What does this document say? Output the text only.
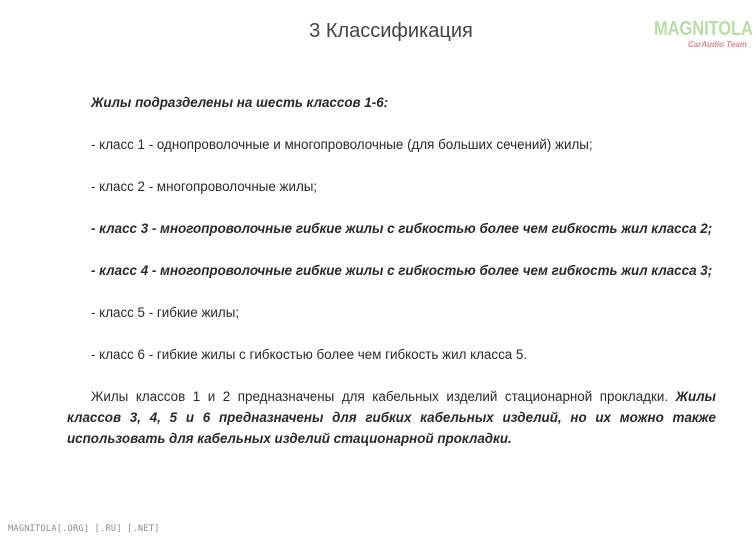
3 Классификация	MAGNITOLA
CarAudio Team

Жилы подразделены на шесть классов 1-6:

- класс 1 - однопроволочные и многопроволочные (для больших сечений) жилы;

- класс 2 - многопроволочные жилы;

- класс 3 - многопроволочные гибкие жилы с гибкостью более чем гибкость жил класса 2;

- класс 4 - многопроволочные гибкие жилы с гибкостью более чем гибкость жил класса 3;

- класс 5 - гибкие жилы;

- класс 6 - гибкие жилы с гибкостью более чем гибкость жил класса 5.

Жилы классов 1 и 2 предназначены для кабельных изделий стационарной прокладки. Жилы классов 3, 4, 5 и 6 предназначены для гибких кабельных изделий, но их можно также использовать для кабельных изделий стационарной прокладки.

MAGNITOLA[.ORG] [.RU] [.NET]
